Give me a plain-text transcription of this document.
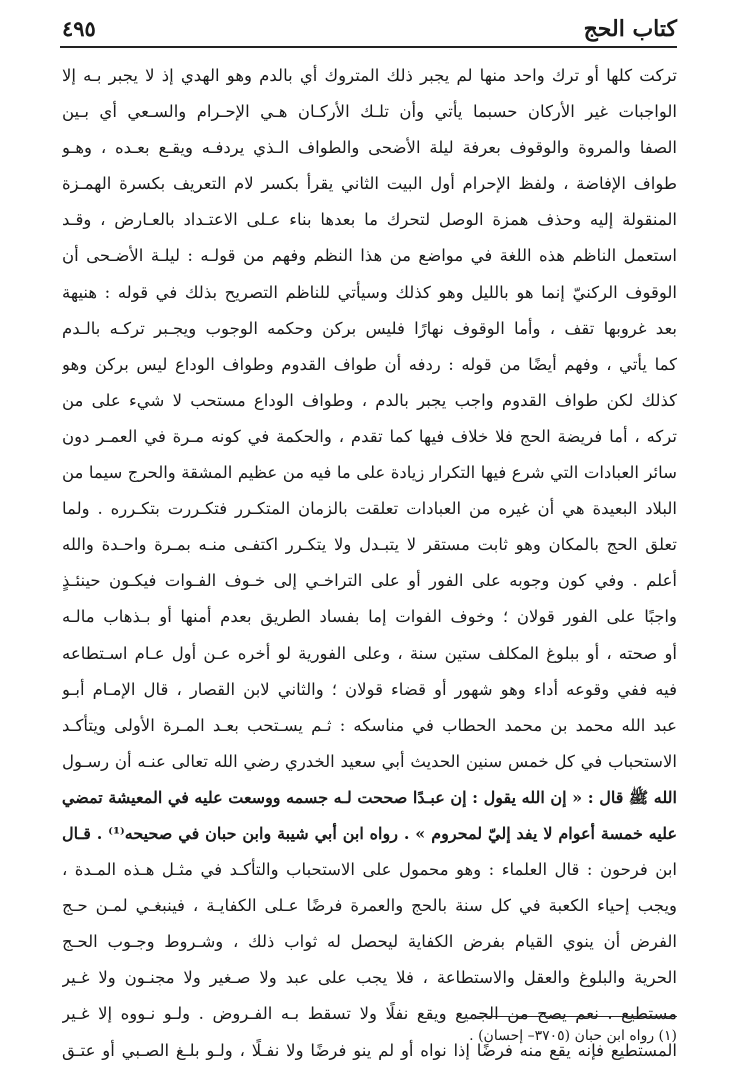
كتاب الحج
٤٩٥
تركت كلها أو ترك واحد منها لم يجبر ذلك المتروك أي بالدم وهو الهدي إذ لا يجبر بـه إلا
الواجبات غير الأركان حسبما يأتي وأن تلـك الأركـان هـي الإحـرام والسـعي أي بـين
الصفا والمروة والوقوف بعرفة ليلة الأضحى والطواف الـذي يردفـه ويقـع بعـده ، وهـو
طواف الإفاضة ، ولفظ الإحرام أول البيت الثاني يقرأ بكسر لام التعريف بكسرة الهمـزة
المنقولة إليه وحذف همزة الوصل لتحرك ما بعدها بناء عـلى الاعتـداد بالعـارض ، وقـد
استعمل الناظم هذه اللغة في مواضع من هذا النظم وفهم من قولـه : ليلـة الأضـحى أن
الوقوف الركنيّ إنما هو بالليل وهو كذلك وسيأتي للناظم التصريح بذلك في قوله : هنيهة
بعد غروبها تقف ، وأما الوقوف نهارًا فليس بركن وحكمه الوجوب ويجـبر تركـه بالـدم
كما يأتي ، وفهم أيضًا من قوله : ردفه أن طواف القدوم وطواف الوداع ليس بركن وهو
كذلك لكن طواف القدوم واجب يجبر بالدم ، وطواف الوداع مستحب لا شيء على من
تركه ، أما فريضة الحج فلا خلاف فيها كما تقدم ، والحكمة في كونه مـرة في العمـر دون
سائر العبادات التي شرع فيها التكرار زيادة على ما فيه من عظيم المشقة والحرج سيما من
البلاد البعيدة هي أن غيره من العبادات تعلقت بالزمان المتكـرر فتكـررت بتكـرره . ولما
تعلق الحج بالمكان وهو ثابت مستقر لا يتبـدل ولا يتكـرر اكتفـى منـه بمـرة واحـدة والله
أعلم . وفي كون وجوبه على الفور أو على التراخـي إلى خـوف الفـوات فيكـون حينئـذٍ
واجبًا على الفور قولان ؛ وخوف الفوات إما بفساد الطريق بعدم أمنها أو بـذهاب مالـه
أو صحته ، أو ببلوغ المكلف ستين سنة ، وعلى الفورية لو أخره عـن أول عـام اسـتطاعه
فيه ففي وقوعه أداء وهو شهور أو قضاء قولان ؛ والثاني لابن القصار ، قال الإمـام أبـو
عبد الله محمد بن محمد الحطاب في مناسكه : ثـم يسـتحب بعـد المـرة الأولى ويتأكـد
الاستحباب في كل خمس سنين الحديث أبي سعيد الخدري رضي الله تعالى عنـه أن رسـول
الله ﷺ قال : « إن الله يقول : إن عبـدًا صححت لـه جسمه ووسعت عليه في المعيشة تمضي
عليه خمسة أعوام لا يفد إليّ لمحروم » . رواه ابن أبي شيبة وابن حبان في صحيحه⁽¹⁾ . قـال
ابن فرحون : قال العلماء : وهو محمول على الاستحباب والتأكـد في مثـل هـذه المـدة ،
ويجب إحياء الكعبة في كل سنة بالحج والعمرة فرضًا عـلى الكفايـة ، فينبغـي لمـن حـج
الفرض أن ينوي القيام بفرض الكفاية ليحصل له ثواب ذلك ، وشـروط وجـوب الحـج
الحرية والبلوغ والعقل والاستطاعة ، فلا يجب على عبد ولا صـغير ولا مجنـون ولا غـير
مستطيع . نعم يصح من الجميع ويقع نفلًا ولا تسقط بـه الفـروض . ولـو نـووه إلا غـير
المستطيع فإنه يقع منه فرضًا إذا نواه أو لم ينو فرضًا ولا نفـلًا ، ولـو بلـغ الصـبي أو عتـق
(١) رواه ابن حبان (٣٧٠٥– إحسان) .
